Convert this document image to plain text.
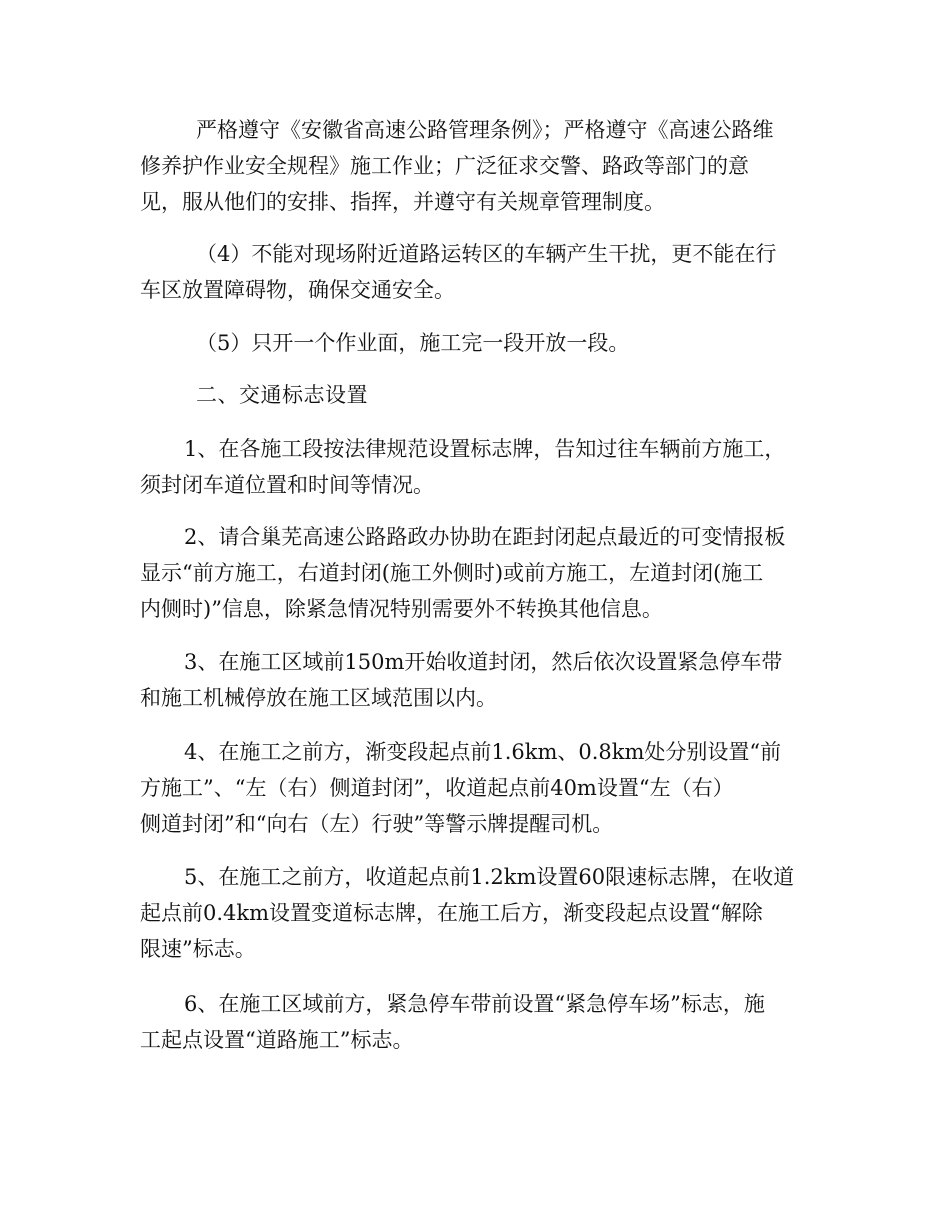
严格遵守《安徽省高速公路管理条例》；严格遵守《高速公路维
修养护作业安全规程》施工作业；广泛征求交警、路政等部门的意
见，服从他们的安排、指挥，并遵守有关规章管理制度。
（4）不能对现场附近道路运转区的车辆产生干扰，更不能在行
车区放置障碍物，确保交通安全。
（5）只开一个作业面，施工完一段开放一段。
二、交通标志设置
1、在各施工段按法律规范设置标志牌，告知过往车辆前方施工，
须封闭车道位置和时间等情况。
2、请合巢芜高速公路路政办协助在距封闭起点最近的可变情报板
显示“前方施工，右道封闭(施工外侧时)或前方施工，左道封闭(施工
内侧时)”信息，除紧急情况特别需要外不转换其他信息。
3、在施工区域前150m开始收道封闭，然后依次设置紧急停车带
和施工机械停放在施工区域范围以内。
4、在施工之前方，渐变段起点前1.6km、0.8km处分别设置“前
方施工”、“左（右）侧道封闭”，收道起点前40m设置“左（右）
侧道封闭”和“向右（左）行驶”等警示牌提醒司机。
5、在施工之前方，收道起点前1.2km设置60限速标志牌，在收道
起点前0.4km设置变道标志牌，在施工后方，渐变段起点设置“解除
限速”标志。
6、在施工区域前方，紧急停车带前设置“紧急停车场”标志，施
工起点设置“道路施工”标志。
